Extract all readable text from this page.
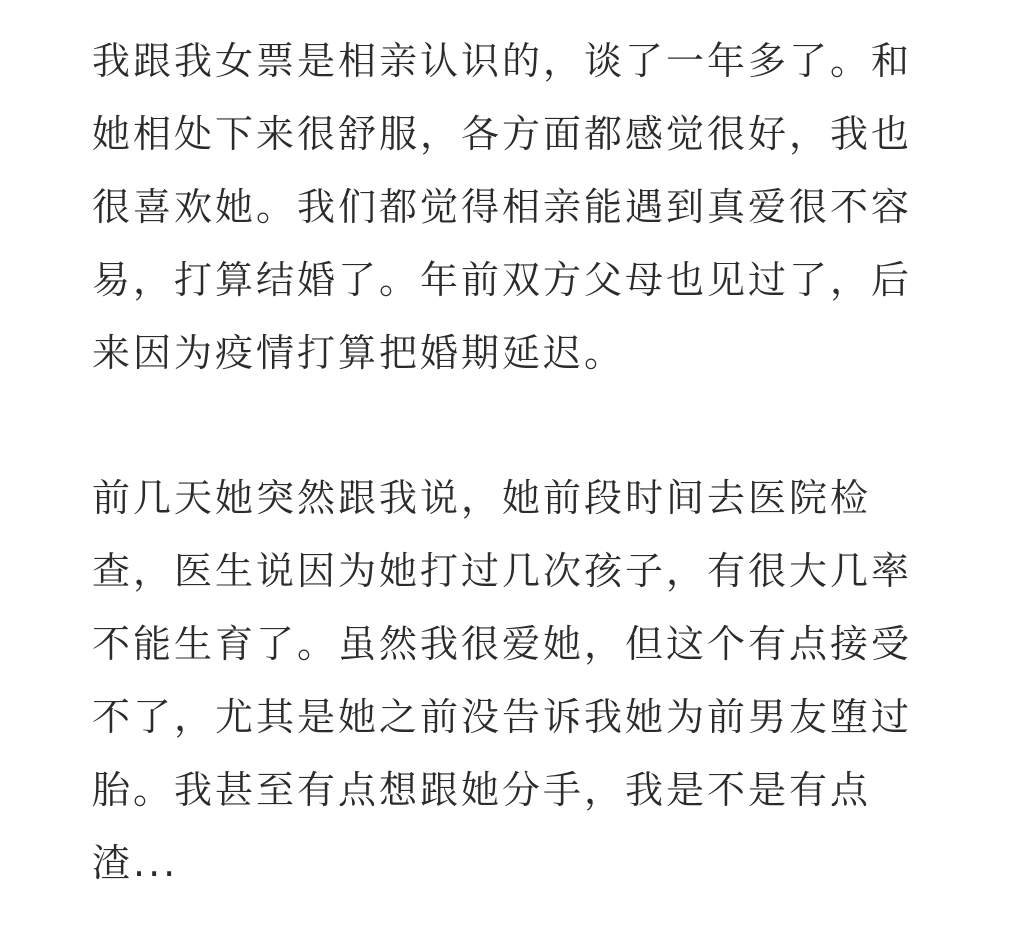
我跟我女票是相亲认识的，谈了一年多了。和
她相处下来很舒服，各方面都感觉很好，我也
很喜欢她。我们都觉得相亲能遇到真爱很不容
易，打算结婚了。年前双方父母也见过了，后
来因为疫情打算把婚期延迟。
前几天她突然跟我说，她前段时间去医院检
查，医生说因为她打过几次孩子，有很大几率
不能生育了。虽然我很爱她，但这个有点接受
不了，尤其是她之前没告诉我她为前男友堕过
胎。我甚至有点想跟她分手，我是不是有点
渣...
